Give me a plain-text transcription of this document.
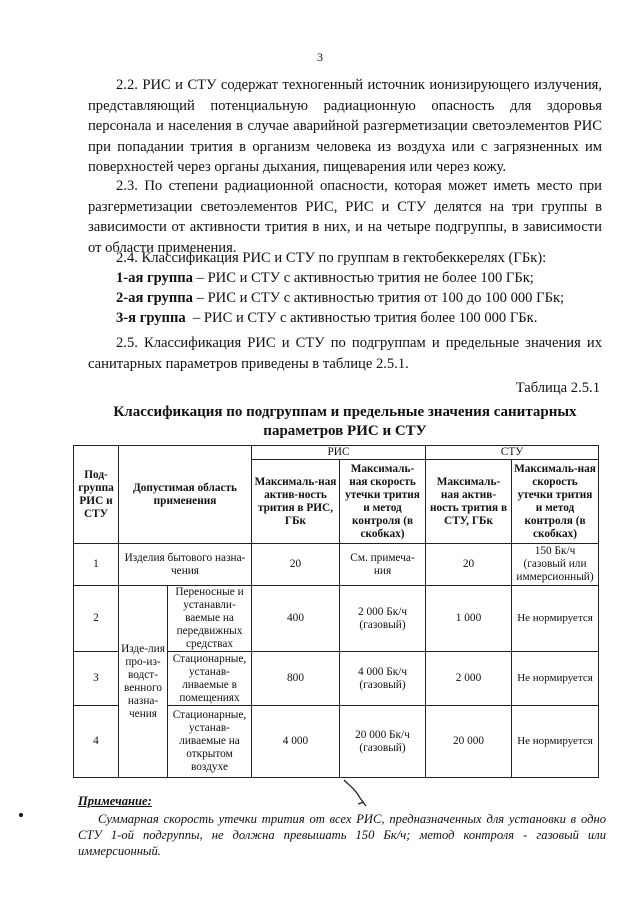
3
2.2. РИС и СТУ содержат техногенный источник ионизирующего излучения, представляющий потенциальную радиационную опасность для здоровья персонала и населения в случае аварийной разгерметизации светоэлементов РИС при попадании трития в организм человека из воздуха или с загрязненных им поверхностей через органы дыхания, пищеварения или через кожу.
2.3. По степени радиационной опасности, которая может иметь место при разгерметизации светоэлементов РИС, РИС и СТУ делятся на три группы в зависимости от активности трития в них, и на четыре подгруппы, в зависимости от области применения.
2.4. Классификация РИС и СТУ по группам в гектобеккерелях (ГБк):
1-ая группа – РИС и СТУ с активностью трития не более 100 ГБк;
2-ая группа – РИС и СТУ с активностью трития от 100 до 100 000 ГБк;
3-я группа  – РИС и СТУ с активностью трития более 100 000 ГБк.
2.5. Классификация РИС и СТУ по подгруппам и предельные значения их санитарных параметров приведены в таблице 2.5.1.
Таблица 2.5.1
Классификация по подгруппам и предельные значения санитарных параметров РИС и СТУ
Под-группа РИС и СТУ	Допустимая область применения		РИС		СТУ	
			Максималь-ная актив-ность трития в РИС, ГБк	Максималь-ная скорость утечки трития и метод контроля (в скобках)	Максималь-ная актив-ность трития в СТУ, ГБк	Максималь-ная скорость утечки трития и метод контроля (в скобках)
1	Изделия бытового назна-чения		20	См. примеча-ния	20	150 Бк/ч (газовый или иммерсионный)
2	Изде-лия про-из-водст-венного назна-чения	Переносные и устанавли-ваемые на передвижных средствах	400	2 000 Бк/ч (газовый)	1 000	Не нормируется
3		Стационарные, устанав-ливаемые в помещениях	800	4 000 Бк/ч (газовый)	2 000	Не нормируется
4		Стационарные, устанав-ливаемые на открытом воздухе	4 000	20 000 Бк/ч (газовый)	20 000	Не нормируется
Примечание:
Суммарная скорость утечки трития от всех РИС, предназначенных для установки в одно СТУ 1-ой подгруппы, не должна превышать 150 Бк/ч; метод контроля - газовый или иммерсионный.
